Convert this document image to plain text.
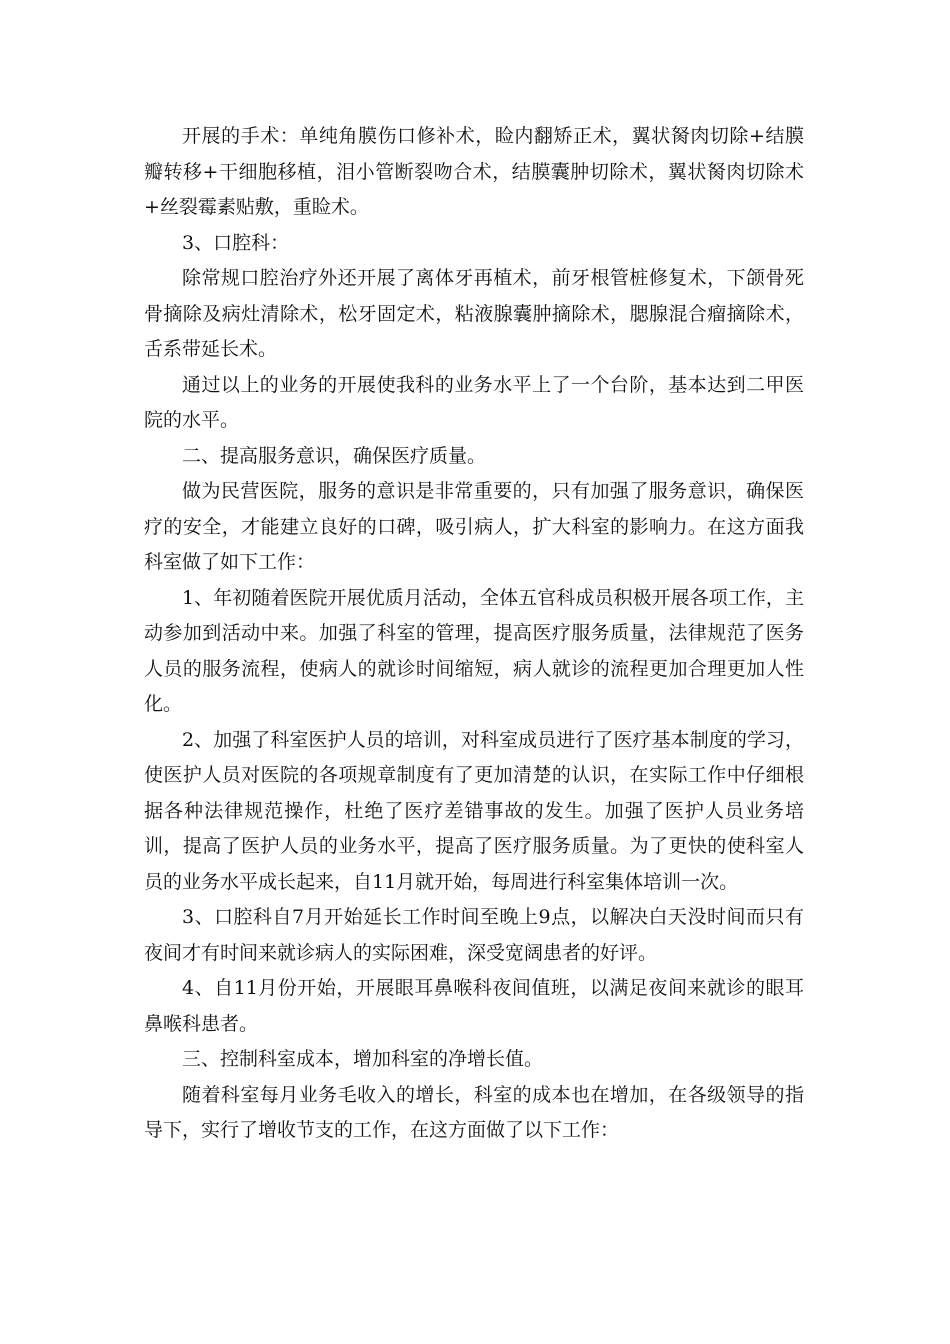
开展的手术：单纯角膜伤口修补术，睑内翻矫正术，翼状胬肉切除+结膜瓣转移+干细胞移植，泪小管断裂吻合术，结膜囊肿切除术，翼状胬肉切除术+丝裂霉素贴敷，重睑术。

3、口腔科：

除常规口腔治疗外还开展了离体牙再植术，前牙根管桩修复术，下颌骨死骨摘除及病灶清除术，松牙固定术，粘液腺囊肿摘除术，腮腺混合瘤摘除术，舌系带延长术。

通过以上的业务的开展使我科的业务水平上了一个台阶，基本达到二甲医院的水平。

二、提高服务意识，确保医疗质量。

做为民营医院，服务的意识是非常重要的，只有加强了服务意识，确保医疗的安全，才能建立良好的口碑，吸引病人，扩大科室的影响力。在这方面我科室做了如下工作：

1、年初随着医院开展优质月活动，全体五官科成员积极开展各项工作，主动参加到活动中来。加强了科室的管理，提高医疗服务质量，法律规范了医务人员的服务流程，使病人的就诊时间缩短，病人就诊的流程更加合理更加人性化。

2、加强了科室医护人员的培训，对科室成员进行了医疗基本制度的学习，使医护人员对医院的各项规章制度有了更加清楚的认识，在实际工作中仔细根据各种法律规范操作，杜绝了医疗差错事故的发生。加强了医护人员业务培训，提高了医护人员的业务水平，提高了医疗服务质量。为了更快的使科室人员的业务水平成长起来，自11月就开始，每周进行科室集体培训一次。

3、口腔科自7月开始延长工作时间至晚上9点，以解决白天没时间而只有夜间才有时间来就诊病人的实际困难，深受宽阔患者的好评。

4、自11月份开始，开展眼耳鼻喉科夜间值班，以满足夜间来就诊的眼耳鼻喉科患者。

三、控制科室成本，增加科室的净增长值。

随着科室每月业务毛收入的增长，科室的成本也在增加，在各级领导的指导下，实行了增收节支的工作，在这方面做了以下工作：
